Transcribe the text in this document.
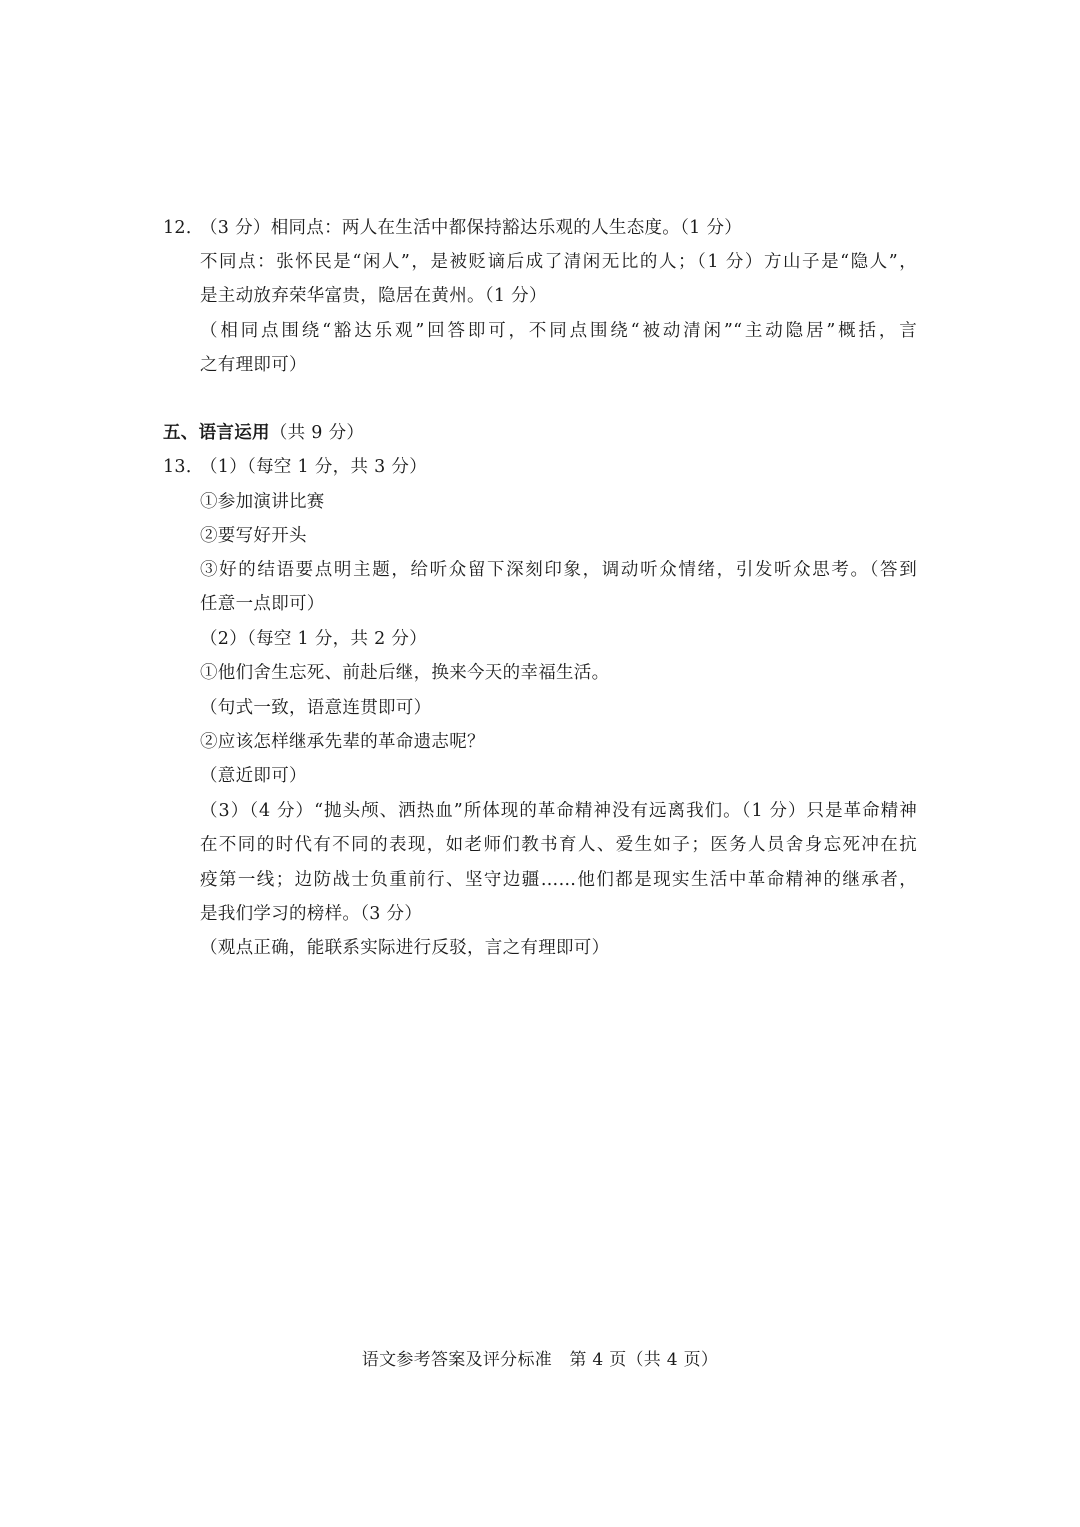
12．
（3 分）相同点：两人在生活中都保持豁达乐观的人生态度。（1 分）
不同点：张怀民是“闲人”，是被贬谪后成了清闲无比的人；（1 分）方山子是“隐人”，
是主动放弃荣华富贵，隐居在黄州。（1 分）
（相同点围绕“豁达乐观”回答即可，不同点围绕“被动清闲”“主动隐居”概括，言
之有理即可）
五、语言运用（共 9 分）
13．
（1）（每空 1 分，共 3 分）
①参加演讲比赛
②要写好开头
③好的结语要点明主题，给听众留下深刻印象，调动听众情绪，引发听众思考。（答到
任意一点即可）
（2）（每空 1 分，共 2 分）
①他们舍生忘死、前赴后继，换来今天的幸福生活。
（句式一致，语意连贯即可）
②应该怎样继承先辈的革命遗志呢？
（意近即可）
（3）（4 分）“抛头颅、洒热血”所体现的革命精神没有远离我们。（1 分）只是革命精神
在不同的时代有不同的表现，如老师们教书育人、爱生如子；医务人员舍身忘死冲在抗
疫第一线；边防战士负重前行、坚守边疆……他们都是现实生活中革命精神的继承者，
是我们学习的榜样。（3 分）
（观点正确，能联系实际进行反驳，言之有理即可）
语文参考答案及评分标准　第 4 页（共 4 页）
